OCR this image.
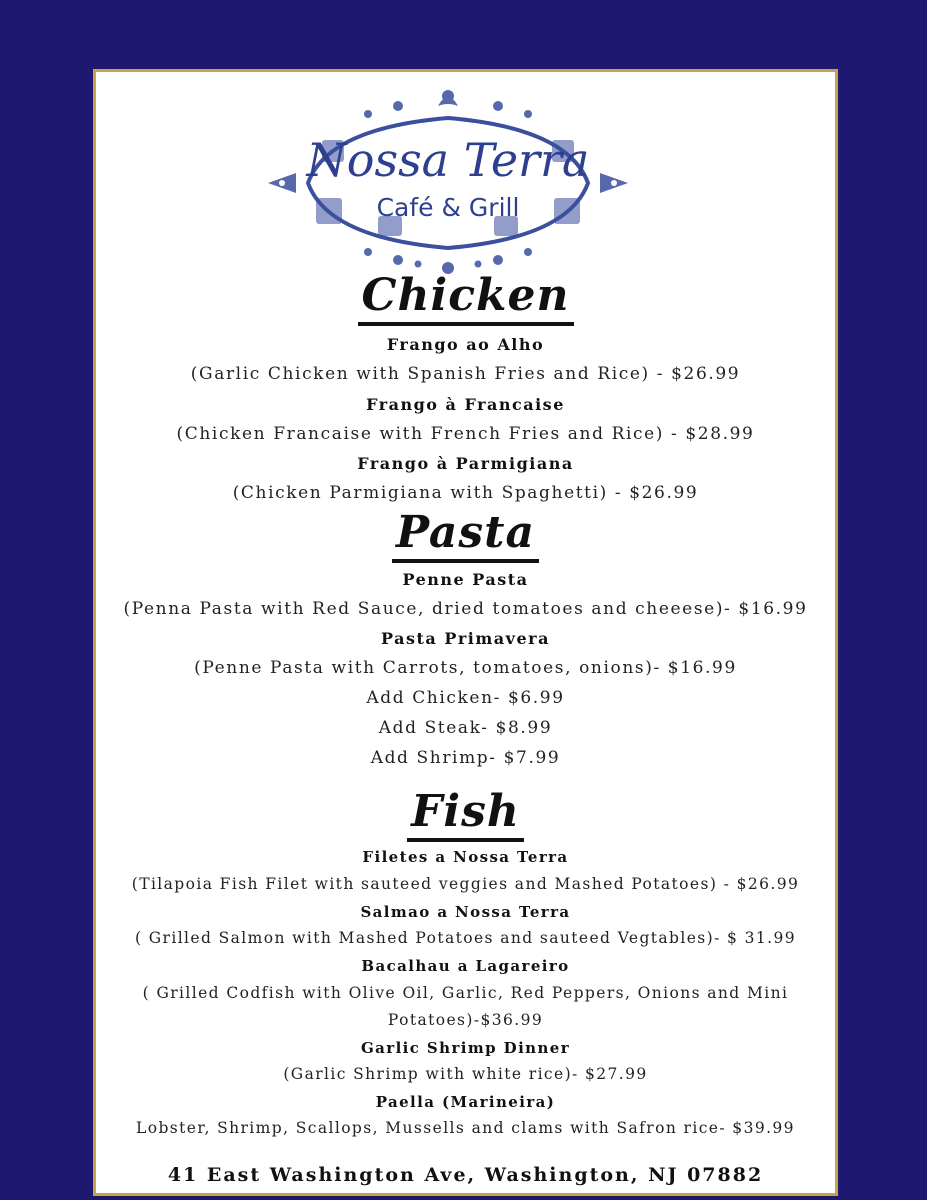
Nossa Terra
Café & Grill
Chicken
Frango ao Alho
(Garlic Chicken with Spanish Fries and Rice) - $26.99
Frango à Francaise
(Chicken Francaise with French Fries and Rice) - $28.99
Frango à Parmigiana
(Chicken Parmigiana with Spaghetti) - $26.99
Pasta
Penne Pasta
(Penna Pasta with Red Sauce, dried tomatoes and cheeese)- $16.99
Pasta Primavera
(Penne Pasta with Carrots, tomatoes, onions)- $16.99
Add Chicken- $6.99
Add Steak- $8.99
Add Shrimp- $7.99
Fish
Filetes a Nossa Terra
(Tilapoia Fish Filet with sauteed veggies and Mashed Potatoes) - $26.99
Salmao a Nossa Terra
( Grilled Salmon with Mashed Potatoes and sauteed Vegtables)- $ 31.99
Bacalhau a Lagareiro
( Grilled Codfish with Olive Oil, Garlic, Red Peppers, Onions and Mini
Potatoes)-$36.99
Garlic Shrimp Dinner
(Garlic Shrimp with white rice)- $27.99
Paella (Marineira)
Lobster, Shrimp, Scallops, Mussells and clams with Safron rice- $39.99
41 East Washington Ave, Washington, NJ 07882
